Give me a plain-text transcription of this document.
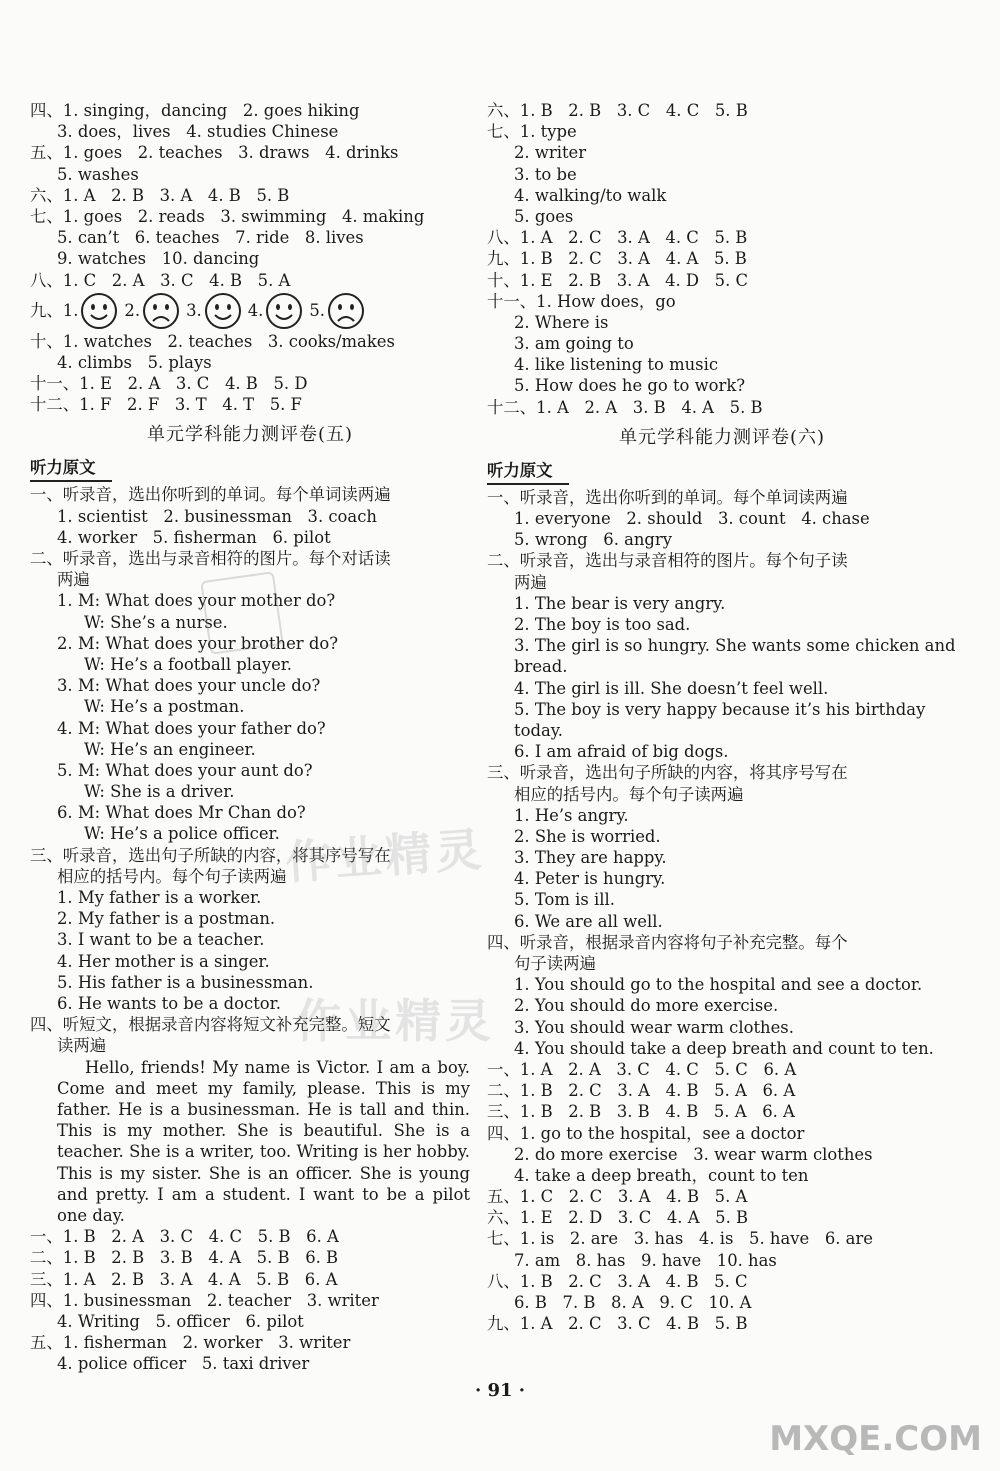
四、1. singing，dancing   2. goes hiking
3. does，lives   4. studies Chinese
五、1. goes   2. teaches   3. draws   4. drinks
5. washes
六、1. A   2. B   3. A   4. B   5. B
七、1. goes   2. reads   3. swimming   4. making
5. can’t   6. teaches   7. ride   8. lives
9. watches   10. dancing
八、1. C   2. A   3. C   4. B   5. A
九、 1.	2.	3.	4.	5.
十、1. watches   2. teaches   3. cooks/makes
4. climbs   5. plays
十一、1. E   2. A   3. C   4. B   5. D
十二、1. F   2. F   3. T   4. T   5. F
单元学科能力测评卷(五)
听力原文
一、听录音，选出你听到的单词。每个单词读两遍
1. scientist   2. businessman   3. coach
4. worker   5. fisherman   6. pilot
二、听录音，选出与录音相符的图片。每个对话读
两遍
1. M: What does your mother do?
W: She’s a nurse.
2. M: What does your brother do?
W: He’s a football player.
3. M: What does your uncle do?
W: He’s a postman.
4. M: What does your father do?
W: He’s an engineer.
5. M: What does your aunt do?
W: She is a driver.
6. M: What does Mr Chan do?
W: He’s a police officer.
三、听录音，选出句子所缺的内容，将其序号写在
相应的括号内。每个句子读两遍
1. My father is a worker.
2. My father is a postman.
3. I want to be a teacher.
4. Her mother is a singer.
5. His father is a businessman.
6. He wants to be a doctor.
四、听短文，根据录音内容将短文补充完整。短文
读两遍
Hello, friends! My name is Victor. I am a boy. Come and meet my family, please. This is my father. He is a businessman. He is tall and thin. This is my mother. She is beautiful. She is a teacher. She is a writer, too. Writing is her hobby. This is my sister. She is an officer. She is young and pretty. I am a student. I want to be a pilot one day.
一、1. B   2. A   3. C   4. C   5. B   6. A
二、1. B   2. B   3. B   4. A   5. B   6. B
三、1. A   2. B   3. A   4. A   5. B   6. A
四、1. businessman   2. teacher   3. writer
4. Writing   5. officer   6. pilot
五、1. fisherman   2. worker   3. writer
4. police officer   5. taxi driver
六、1. B   2. B   3. C   4. C   5. B
七、1. type
2. writer
3. to be
4. walking/to walk
5. goes
八、1. A   2. C   3. A   4. C   5. B
九、1. B   2. C   3. A   4. A   5. B
十、1. E   2. B   3. A   4. D   5. C
十一、1. How does，go
2. Where is
3. am going to
4. like listening to music
5. How does he go to work?
十二、1. A   2. A   3. B   4. A   5. B
单元学科能力测评卷(六)
听力原文
一、听录音，选出你听到的单词。每个单词读两遍
1. everyone   2. should   3. count   4. chase
5. wrong   6. angry
二、听录音，选出与录音相符的图片。每个句子读
两遍
1. The bear is very angry.
2. The boy is too sad.
3. The girl is so hungry. She wants some chicken and bread.
4. The girl is ill. She doesn’t feel well.
5. The boy is very happy because it’s his birthday today.
6. I am afraid of big dogs.
三、听录音，选出句子所缺的内容，将其序号写在
相应的括号内。每个句子读两遍
1. He’s angry.
2. She is worried.
3. They are happy.
4. Peter is hungry.
5. Tom is ill.
6. We are all well.
四、听录音，根据录音内容将句子补充完整。每个
句子读两遍
1. You should go to the hospital and see a doctor.
2. You should do more exercise.
3. You should wear warm clothes.
4. You should take a deep breath and count to ten.
一、1. A   2. A   3. C   4. C   5. C   6. A
二、1. B   2. C   3. A   4. B   5. A   6. A
三、1. B   2. B   3. B   4. B   5. A   6. A
四、1. go to the hospital，see a doctor
2. do more exercise   3. wear warm clothes
4. take a deep breath，count to ten
五、1. C   2. C   3. A   4. B   5. A
六、1. E   2. D   3. C   4. A   5. B
七、1. is   2. are   3. has   4. is   5. have   6. are
7. am   8. has   9. have   10. has
八、1. B   2. C   3. A   4. B   5. C
6. B   7. B   8. A   9. C   10. A
九、1. A   2. C   3. C   4. B   5. B
作业精灵
作业精灵
· 91 ·
MXQE.COM
